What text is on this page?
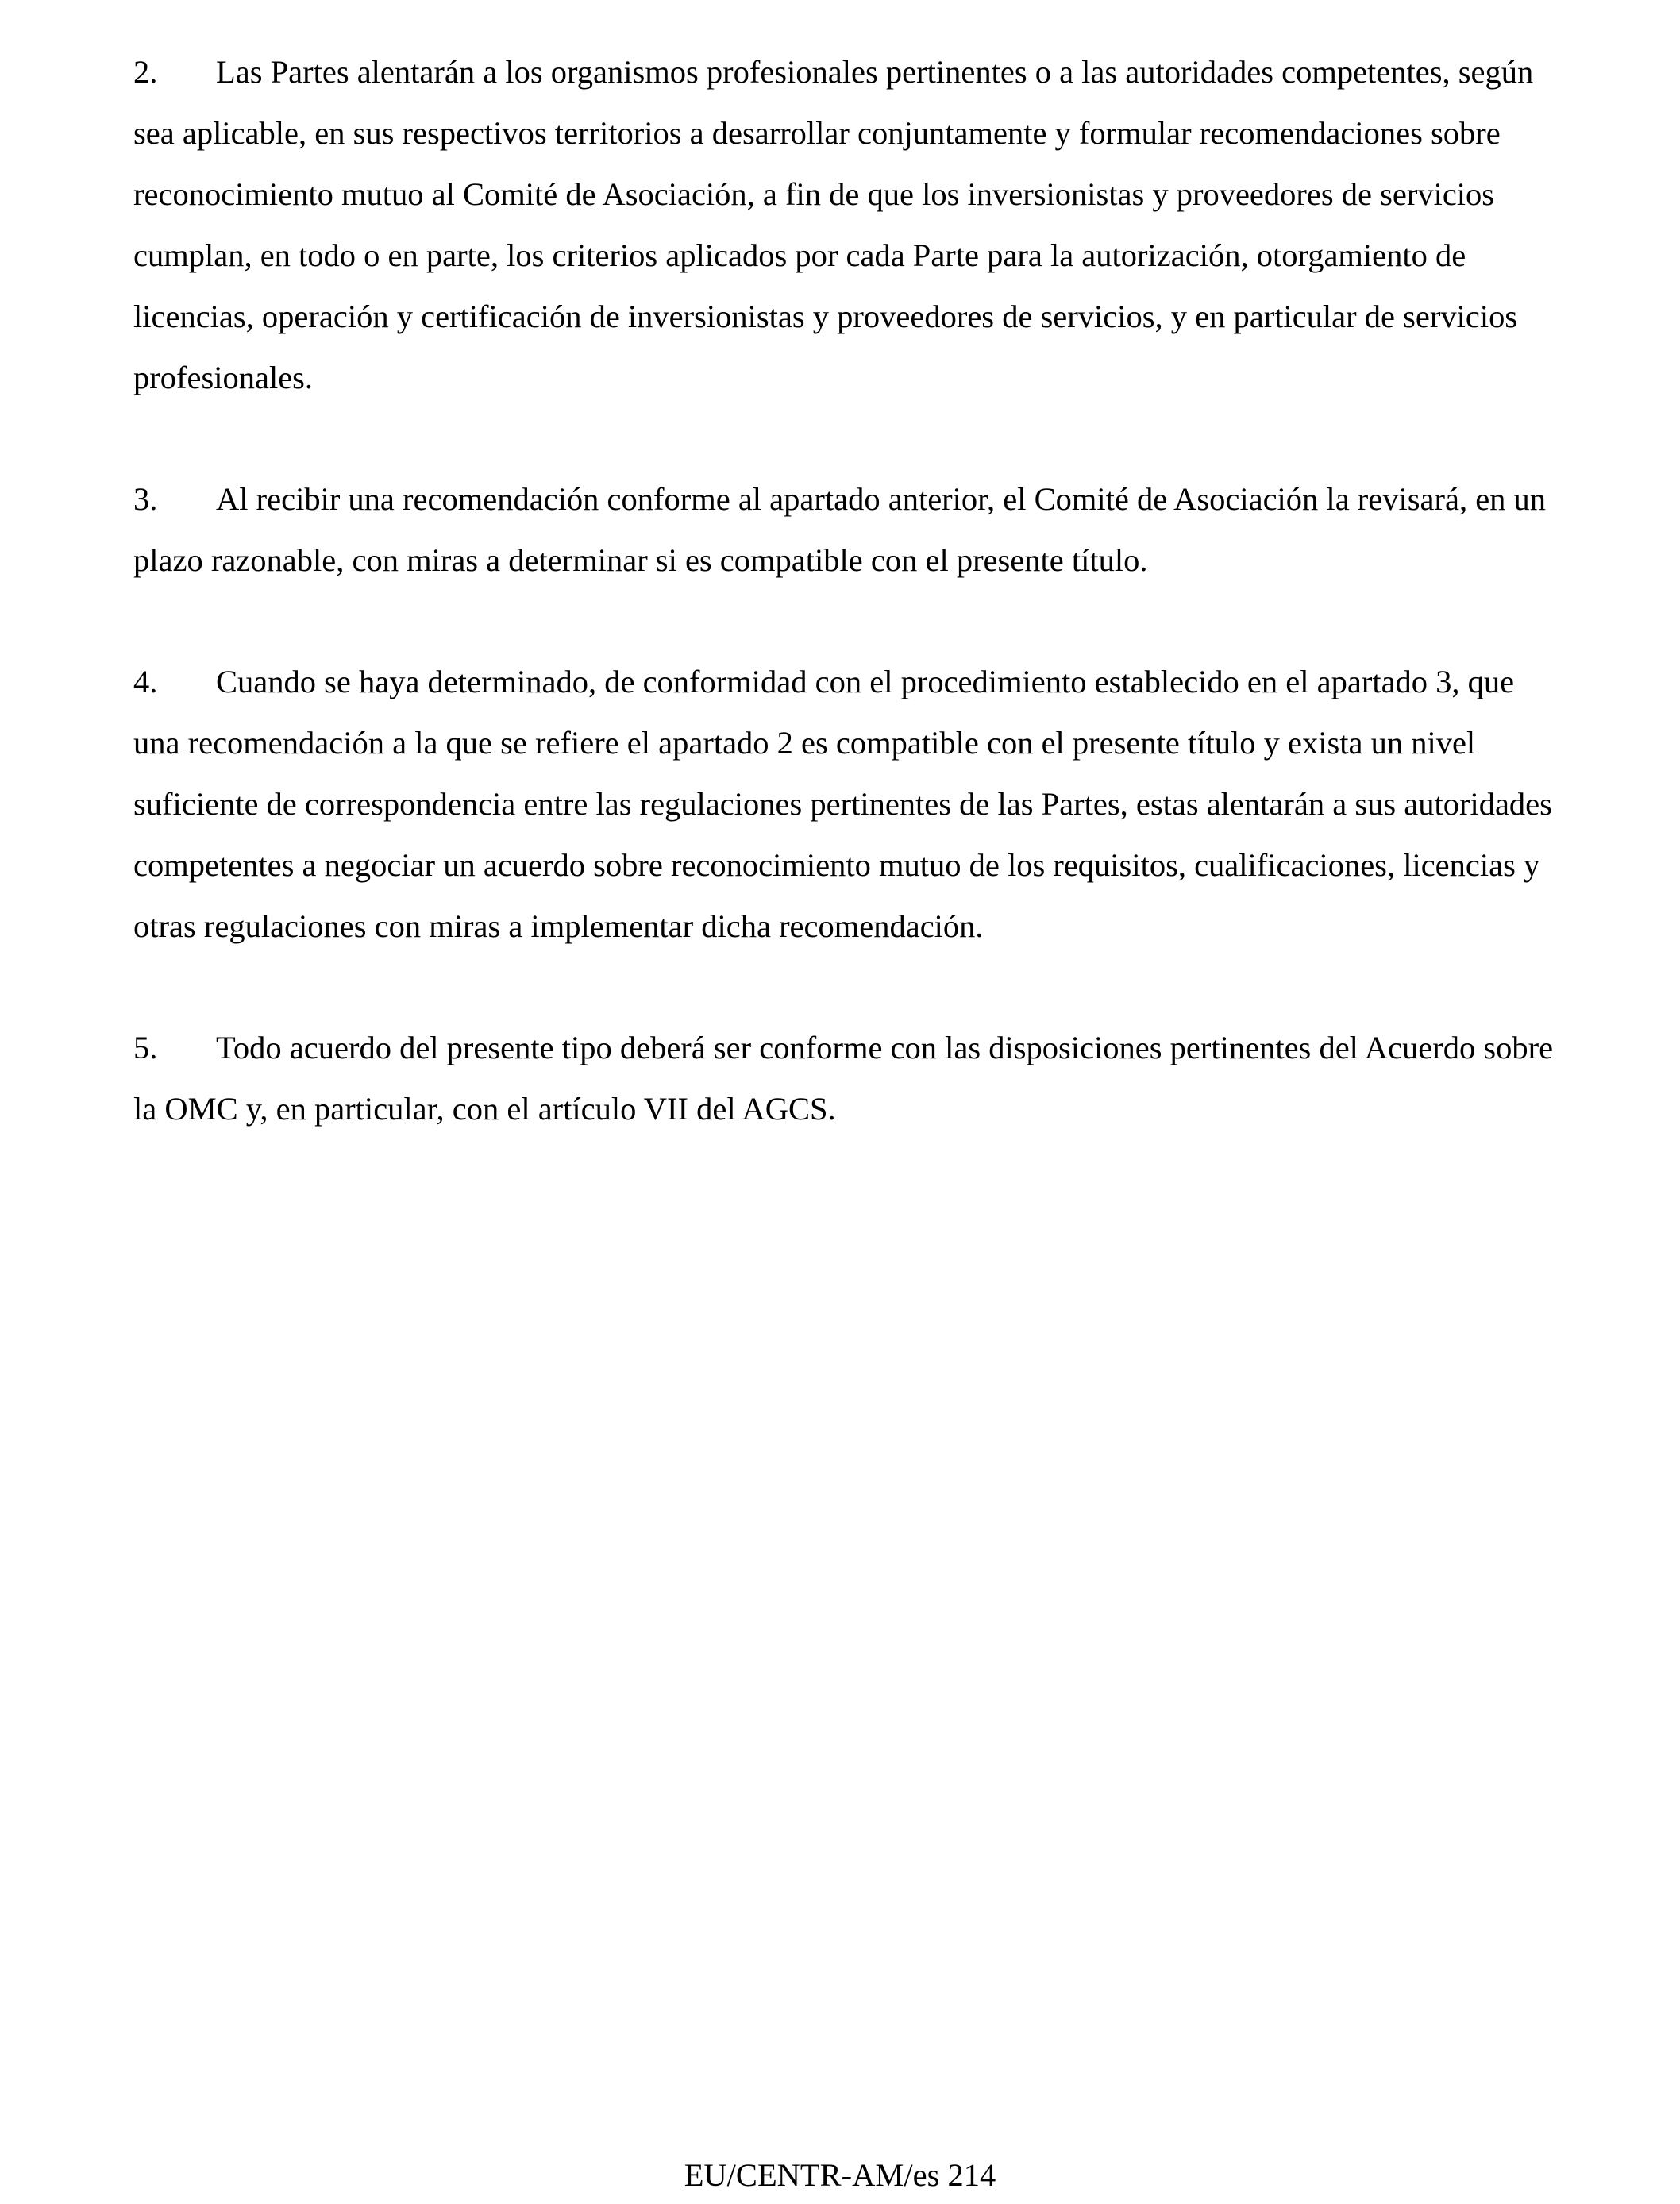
2. Las Partes alentarán a los organismos profesionales pertinentes o a las autoridades competentes, según sea aplicable, en sus respectivos territorios a desarrollar conjuntamente y formular recomendaciones sobre reconocimiento mutuo al Comité de Asociación, a fin de que los inversionistas y proveedores de servicios cumplan, en todo o en parte, los criterios aplicados por cada Parte para la autorización, otorgamiento de licencias, operación y certificación de inversionistas y proveedores de servicios, y en particular de servicios profesionales.

3. Al recibir una recomendación conforme al apartado anterior, el Comité de Asociación la revisará, en un plazo razonable, con miras a determinar si es compatible con el presente título.

4. Cuando se haya determinado, de conformidad con el procedimiento establecido en el apartado 3, que una recomendación a la que se refiere el apartado 2 es compatible con el presente título y exista un nivel suficiente de correspondencia entre las regulaciones pertinentes de las Partes, estas alentarán a sus autoridades competentes a negociar un acuerdo sobre reconocimiento mutuo de los requisitos, cualificaciones, licencias y otras regulaciones con miras a implementar dicha recomendación.

5. Todo acuerdo del presente tipo deberá ser conforme con las disposiciones pertinentes del Acuerdo sobre la OMC y, en particular, con el artículo VII del AGCS.

EU/CENTR-AM/es 214
